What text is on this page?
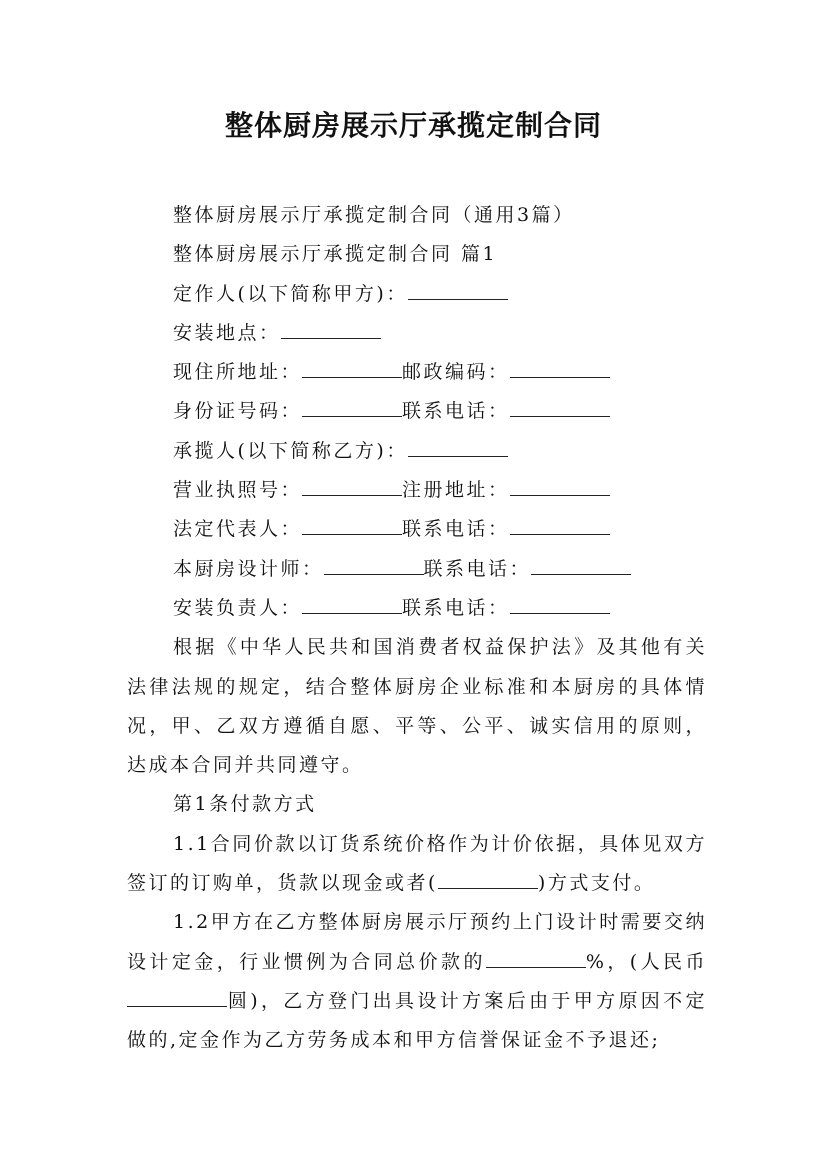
整体厨房展示厅承揽定制合同

整体厨房展示厅承揽定制合同（通用3篇）

整体厨房展示厅承揽定制合同 篇1

定作人(以下简称甲方)：

安装地点：

现住所地址：	邮政编码：

身份证号码：	联系电话：

承揽人(以下简称乙方)：

营业执照号：	注册地址：

法定代表人：	联系电话：

本厨房设计师：	联系电话：

安装负责人：	联系电话：

根据《中华人民共和国消费者权益保护法》及其他有关法律法规的规定，结合整体厨房企业标准和本厨房的具体情况，甲、乙双方遵循自愿、平等、公平、诚实信用的原则，达成本合同并共同遵守。

第1条付款方式

1.1合同价款以订货系统价格作为计价依据，具体见双方签订的订购单，货款以现金或者(	)方式支付。

1.2甲方在乙方整体厨房展示厅预约上门设计时需要交纳设计定金，行业惯例为合同总价款的	%，(人民币圆)，乙方登门出具设计方案后由于甲方原因不定做的,定金作为乙方劳务成本和甲方信誉保证金不予退还;
